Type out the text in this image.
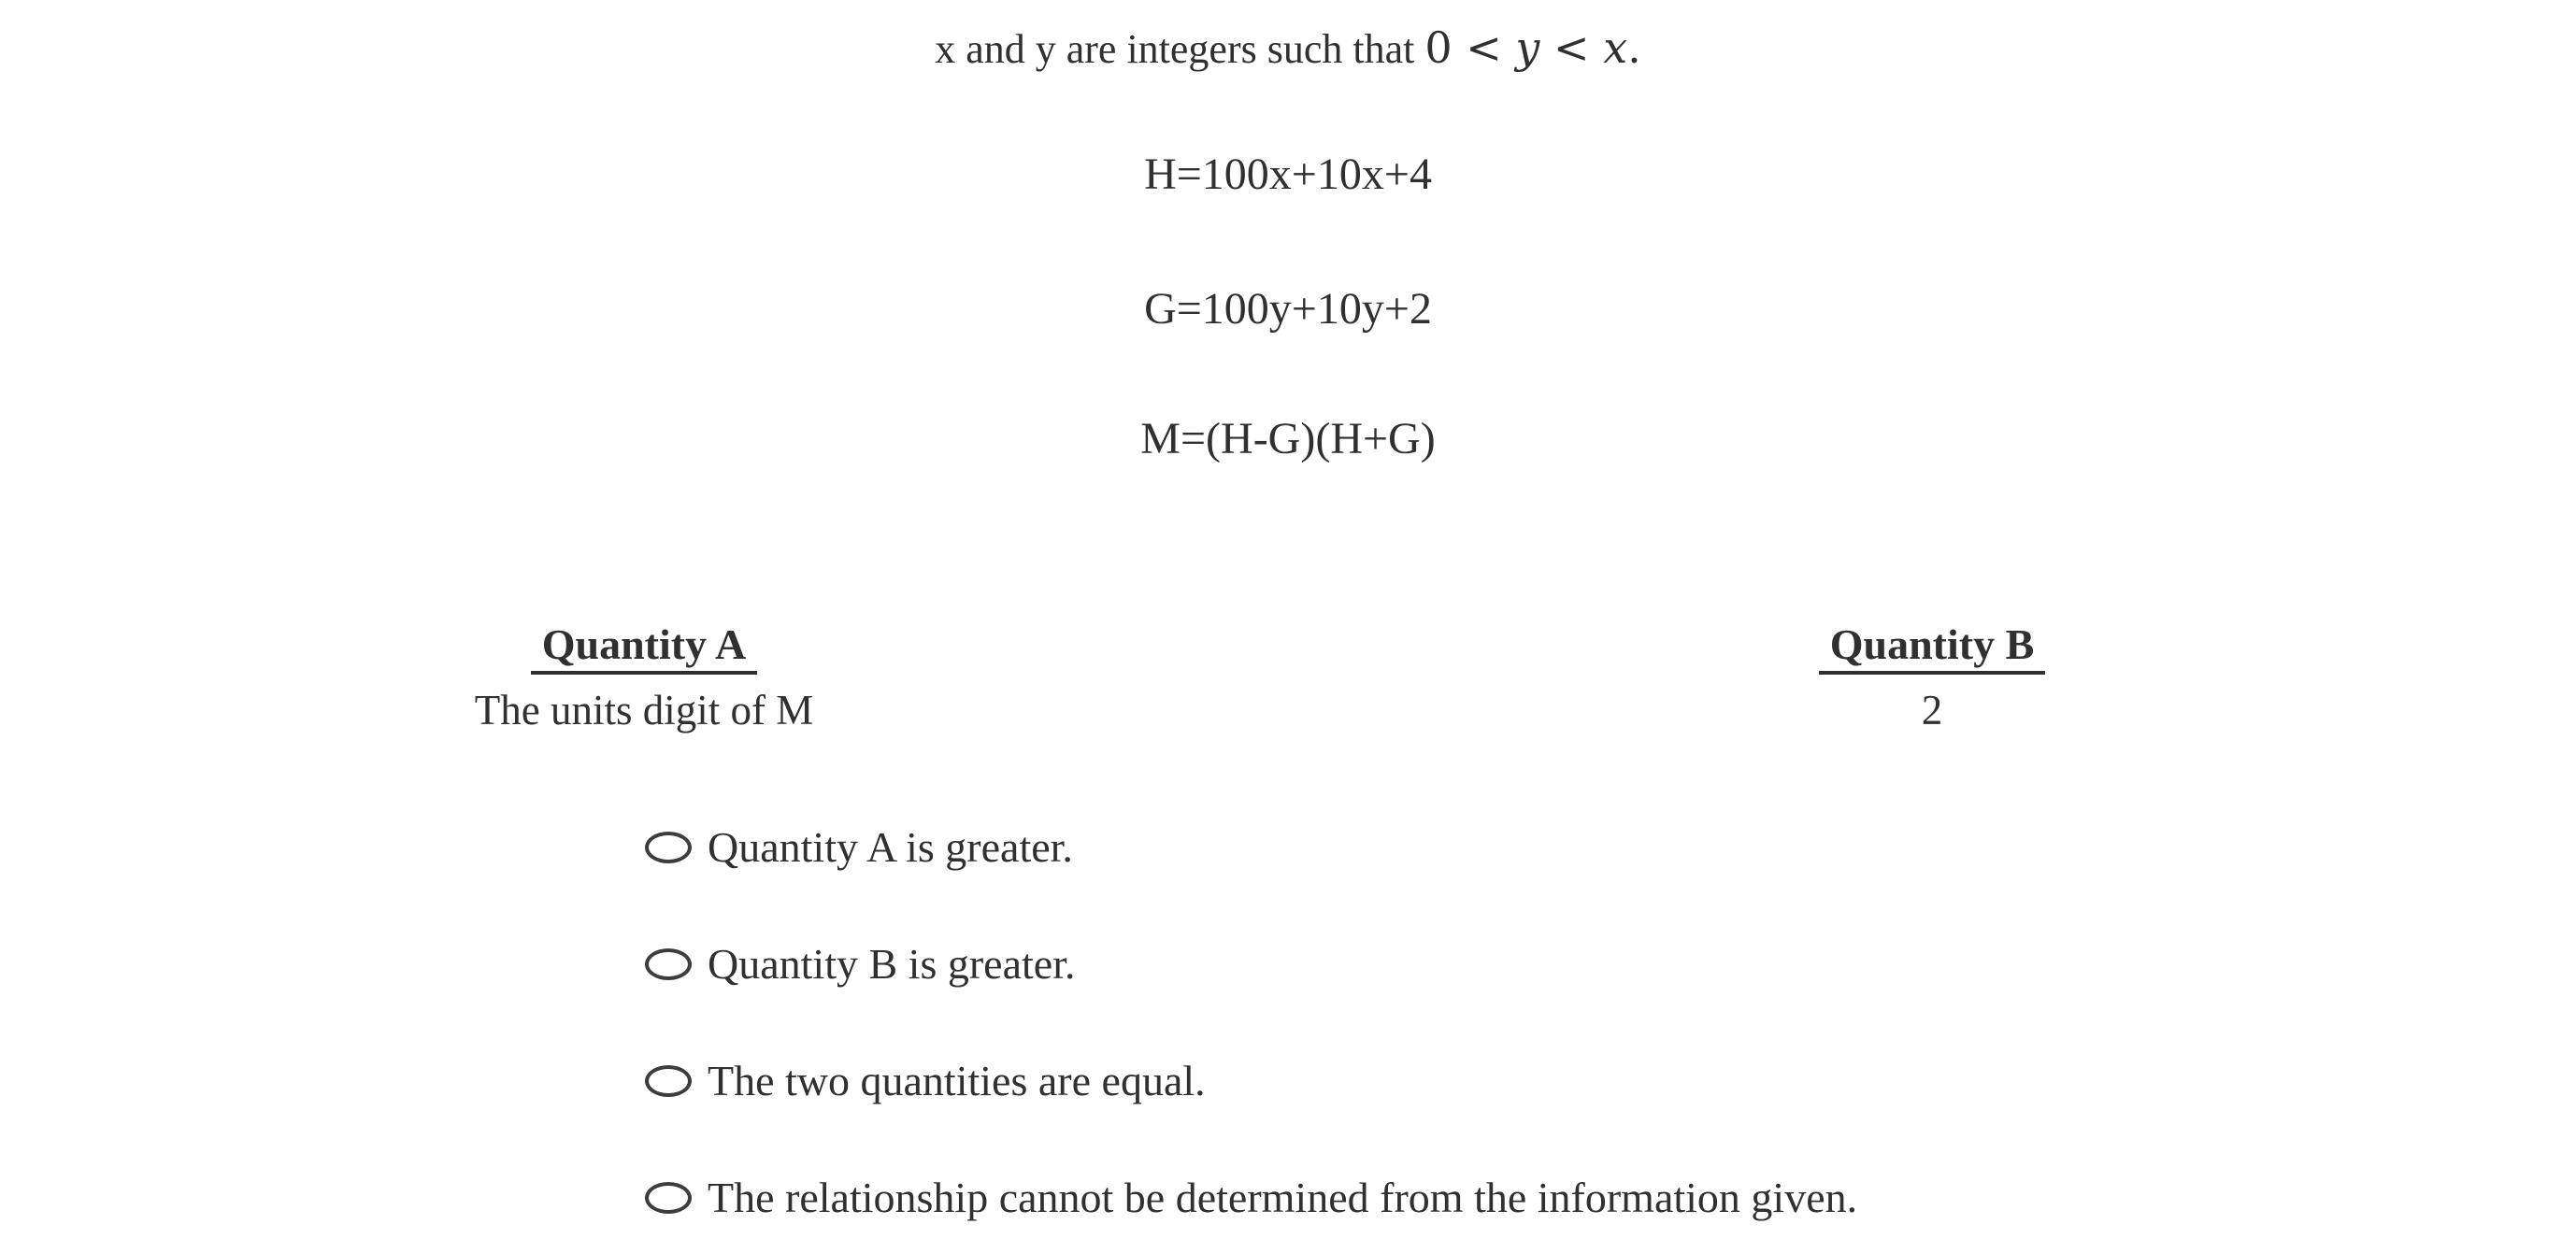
x and y are integers such that 0 < y < x.
H=100x+10x+4
G=100y+10y+2
M=(H-G)(H+G)
Quantity A
The units digit of M
Quantity B
2
Quantity A is greater.
Quantity B is greater.
The two quantities are equal.
The relationship cannot be determined from the information given.
